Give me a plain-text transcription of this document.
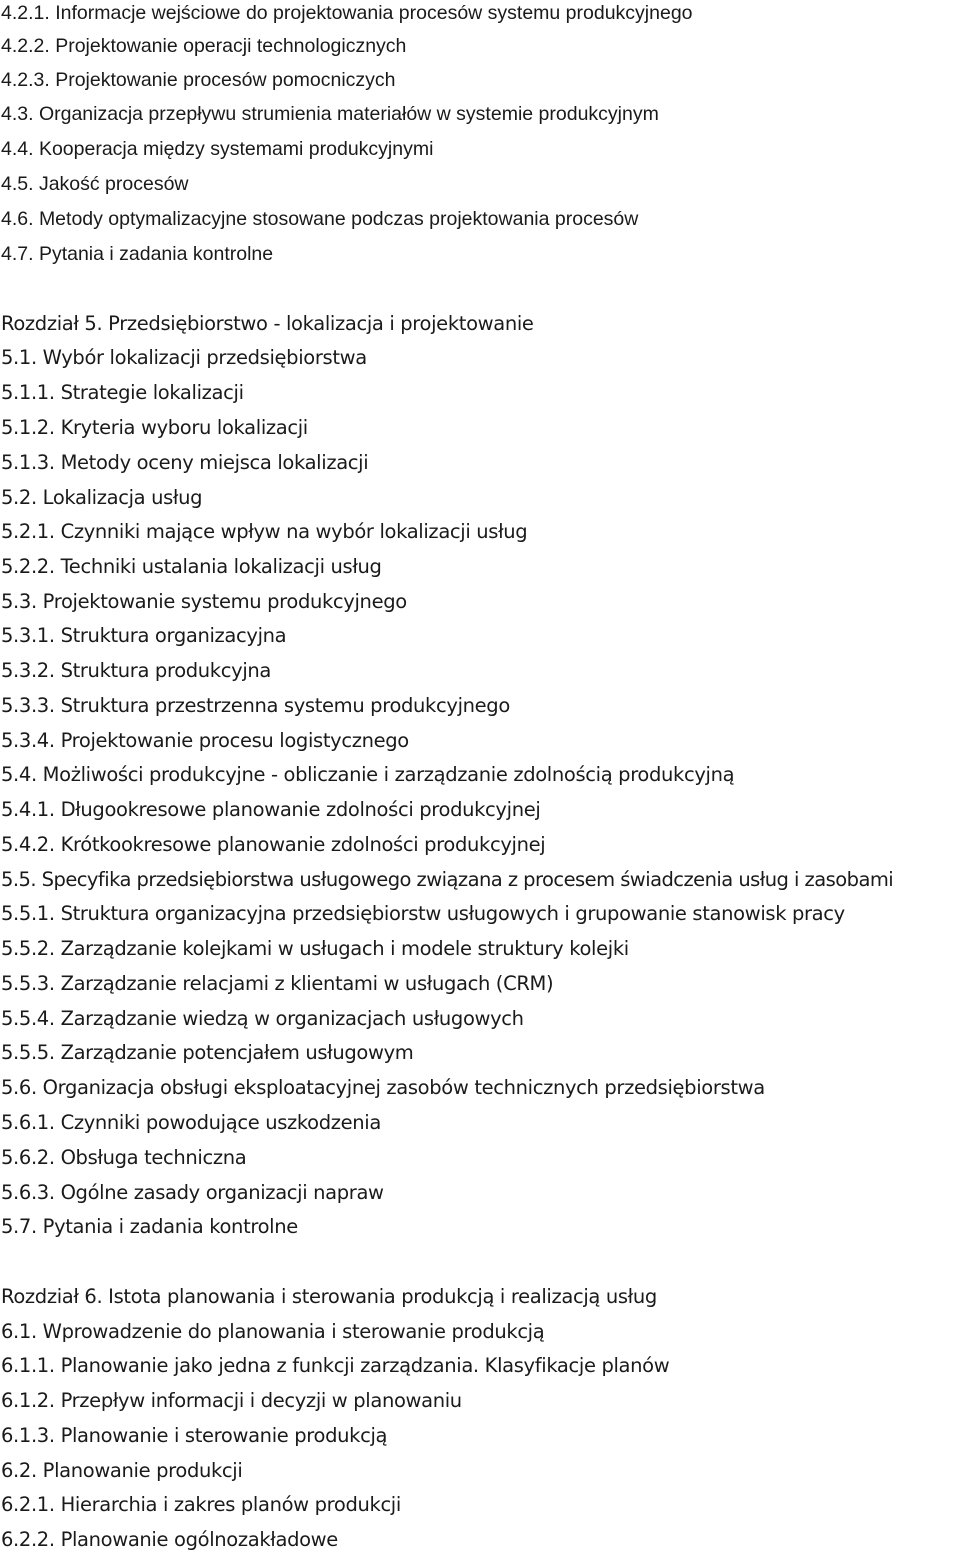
4.2.1. Informacje wejściowe do projektowania procesów systemu produkcyjnego
4.2.2. Projektowanie operacji technologicznych
4.2.3. Projektowanie procesów pomocniczych
4.3. Organizacja przepływu strumienia materiałów w systemie produkcyjnym
4.4. Kooperacja między systemami produkcyjnymi
4.5. Jakość procesów
4.6. Metody optymalizacyjne stosowane podczas projektowania procesów
4.7. Pytania i zadania kontrolne
Rozdział 5. Przedsiębiorstwo - lokalizacja i projektowanie
5.1. Wybór lokalizacji przedsiębiorstwa
5.1.1. Strategie lokalizacji
5.1.2. Kryteria wyboru lokalizacji
5.1.3. Metody oceny miejsca lokalizacji
5.2. Lokalizacja usług
5.2.1. Czynniki mające wpływ na wybór lokalizacji usług
5.2.2. Techniki ustalania lokalizacji usług
5.3. Projektowanie systemu produkcyjnego
5.3.1. Struktura organizacyjna
5.3.2. Struktura produkcyjna
5.3.3. Struktura przestrzenna systemu produkcyjnego
5.3.4. Projektowanie procesu logistycznego
5.4. Możliwości produkcyjne - obliczanie i zarządzanie zdolnością produkcyjną
5.4.1. Długookresowe planowanie zdolności produkcyjnej
5.4.2. Krótkookresowe planowanie zdolności produkcyjnej
5.5. Specyfika przedsiębiorstwa usługowego związana z procesem świadczenia usług i zasobami
5.5.1. Struktura organizacyjna przedsiębiorstw usługowych i grupowanie stanowisk pracy
5.5.2. Zarządzanie kolejkami w usługach i modele struktury kolejki
5.5.3. Zarządzanie relacjami z klientami w usługach (CRM)
5.5.4. Zarządzanie wiedzą w organizacjach usługowych
5.5.5. Zarządzanie potencjałem usługowym
5.6. Organizacja obsługi eksploatacyjnej zasobów technicznych przedsiębiorstwa
5.6.1. Czynniki powodujące uszkodzenia
5.6.2. Obsługa techniczna
5.6.3. Ogólne zasady organizacji napraw
5.7. Pytania i zadania kontrolne
Rozdział 6. Istota planowania i sterowania produkcją i realizacją usług
6.1. Wprowadzenie do planowania i sterowanie produkcją
6.1.1. Planowanie jako jedna z funkcji zarządzania. Klasyfikacje planów
6.1.2. Przepływ informacji i decyzji w planowaniu
6.1.3. Planowanie i sterowanie produkcją
6.2. Planowanie produkcji
6.2.1. Hierarchia i zakres planów produkcji
6.2.2. Planowanie ogólnozakładowe
